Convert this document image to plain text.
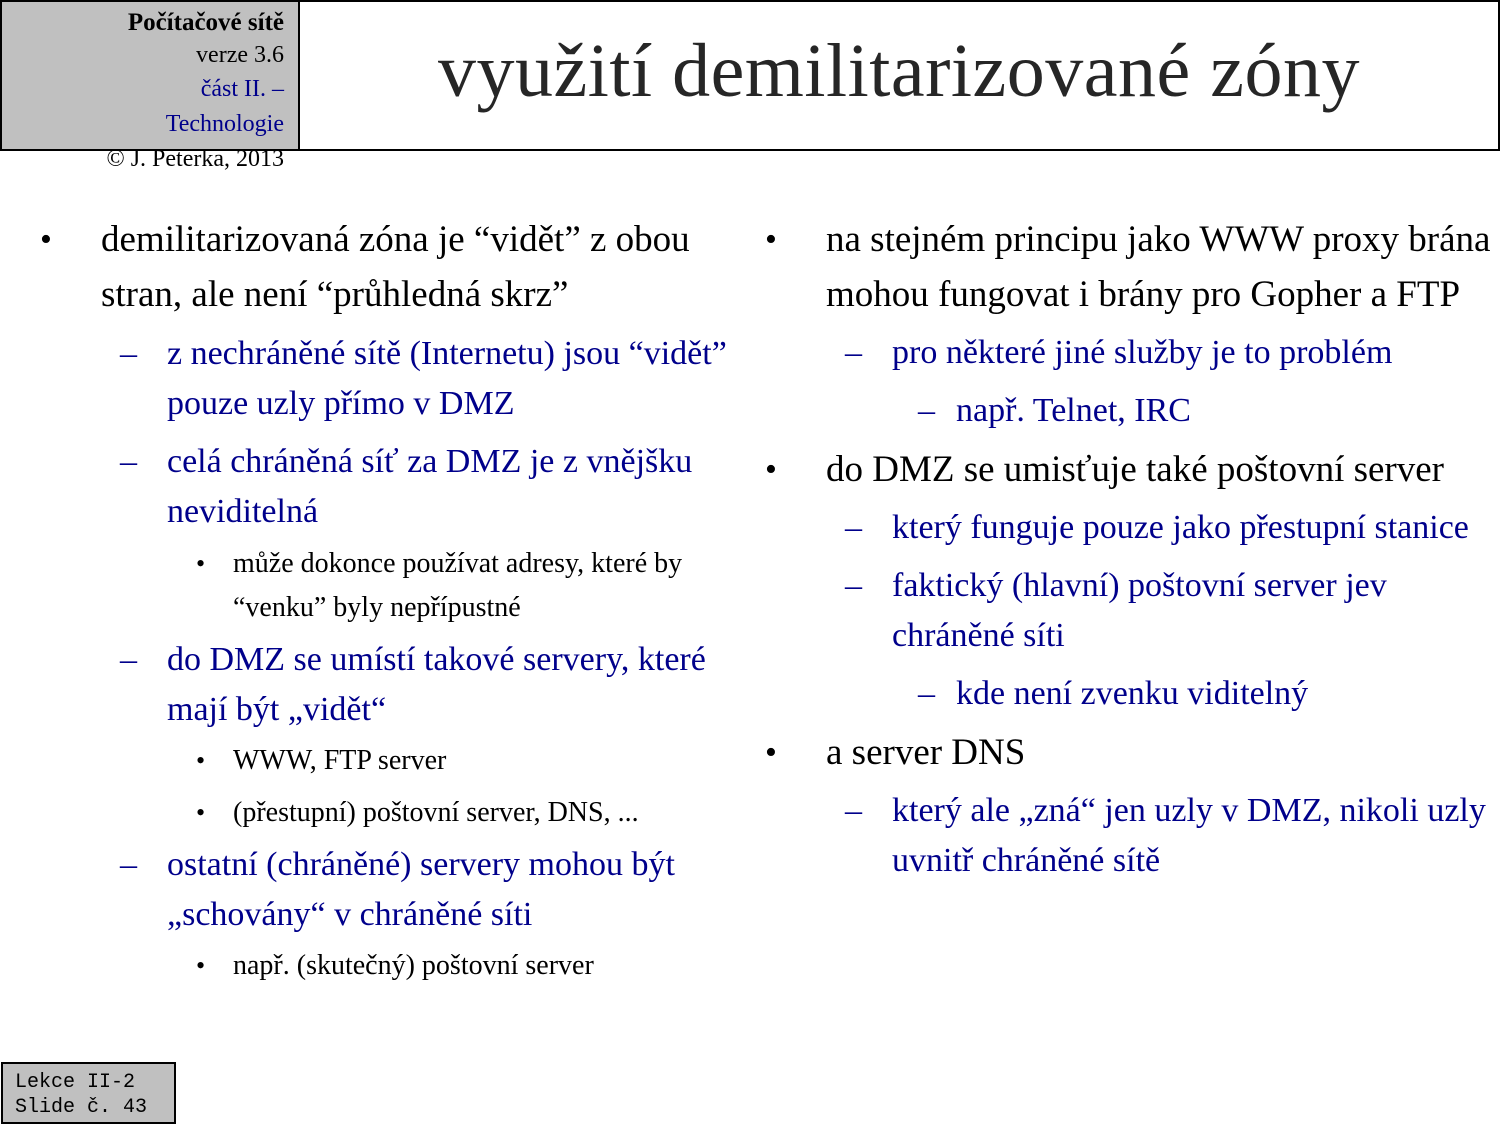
Počítačové sítě
verze 3.6
část II. – Technologie
© J. Peterka, 2013
využití demilitarizované zóny
• demilitarizovaná zóna je “vidět” z obou stran, ale není “průhledná skrz”
– z nechráněné sítě (Internetu) jsou “vidět” pouze uzly přímo v DMZ
– celá chráněná síť za DMZ je z vnějšku neviditelná
• může dokonce používat adresy, které by “venku” byly nepřípustné
– do DMZ se umístí takové servery, které mají být „vidět“
• WWW, FTP server
• (přestupní) poštovní server, DNS, ...
– ostatní (chráněné) servery mohou být „schovány“ v chráněné síti
• např. (skutečný) poštovní server
• na stejném principu jako WWW proxy brána mohou fungovat i brány pro Gopher a FTP
– pro některé jiné služby je to problém
– např. Telnet, IRC
• do DMZ se umisťuje také poštovní server
– který funguje pouze jako přestupní stanice
– faktický (hlavní) poštovní server jev chráněné síti
– kde není zvenku viditelný
• a server DNS
– který ale „zná“ jen uzly v DMZ, nikoli uzly uvnitř chráněné sítě
Lekce II-2
Slide č. 43
